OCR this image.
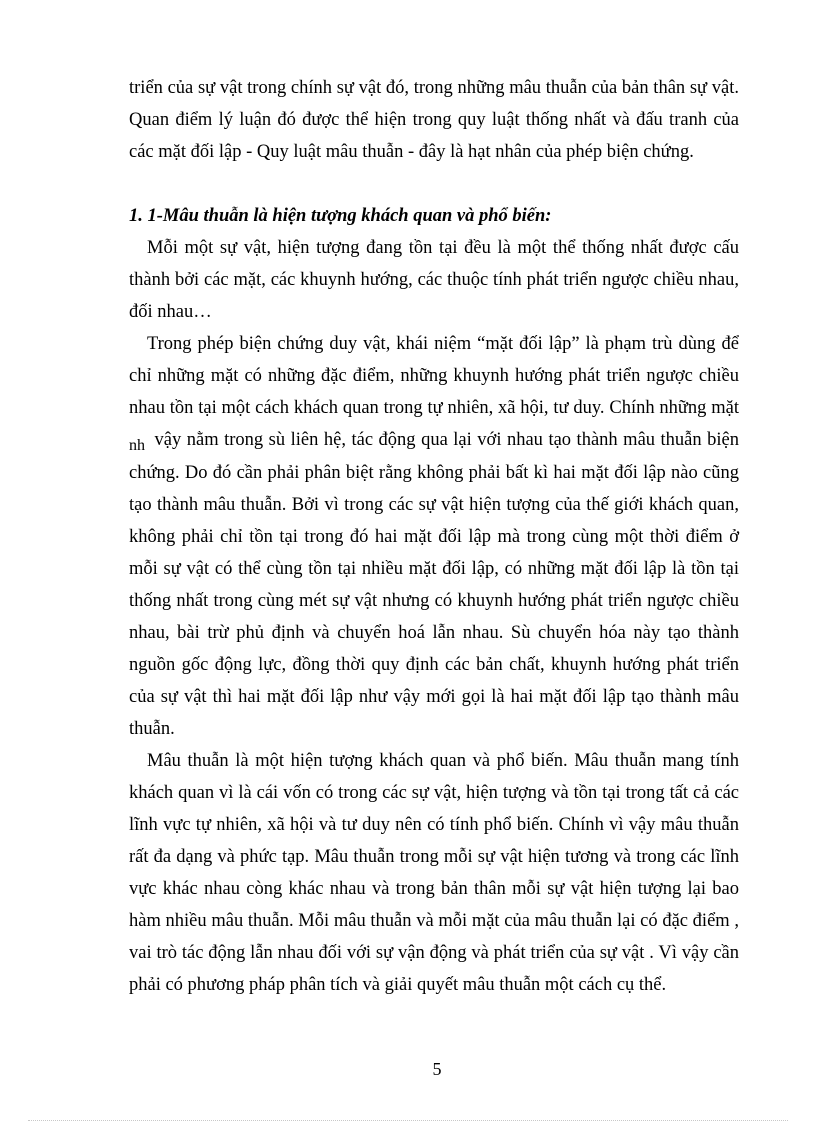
triển của sự vật trong chính sự vật đó, trong những mâu thuẫn của bản thân sự vật. Quan điểm lý luận đó được thể hiện trong quy luật thống nhất và đấu tranh của các mặt đối lập - Quy luật mâu thuẫn - đây là hạt nhân của phép biện chứng.

1. 1-Mâu thuẫn là hiện tượng khách quan và phổ biến:

Mỗi một sự vật, hiện tượng đang tồn tại đều là một thể thống nhất được cấu thành bởi các mặt, các khuynh hướng, các thuộc tính phát triển ngược chiều nhau, đối nhau…

Trong phép biện chứng duy vật, khái niệm “mặt đối lập” là phạm trù dùng để chỉ những mặt có những đặc điểm, những khuynh hướng phát triển ngược chiều nhau tồn tại một cách khách quan trong tự nhiên, xã hội, tư duy. Chính những mặt nh vậy nằm trong sù liên hệ, tác động qua lại với nhau tạo thành mâu thuẫn biện chứng. Do đó cần phải phân biệt rằng không phải bất kì hai mặt đối lập nào cũng tạo thành mâu thuẫn. Bởi vì trong các sự vật hiện tượng của thế giới khách quan, không phải chỉ tồn tại trong đó hai mặt đối lập mà trong cùng một thời điểm ở mỗi sự vật có thể cùng tồn tại nhiều mặt đối lập, có những mặt đối lập là tồn tại thống nhất trong cùng mét sự vật nhưng có khuynh hướng phát triển ngược chiều nhau, bài trừ phủ định và chuyển hoá lẫn nhau. Sù chuyển hóa này tạo thành nguồn gốc động lực, đồng thời quy định các bản chất, khuynh hướng phát triển của sự vật thì hai mặt đối lập như vậy mới gọi là hai mặt đối lập tạo thành mâu thuẫn.

Mâu thuẫn là một hiện tượng khách quan và phổ biến. Mâu thuẫn mang tính khách quan vì là cái vốn có trong các sự vật, hiện tượng và tồn tại trong tất cả các lĩnh vực tự nhiên, xã hội và tư duy nên có tính phổ biến. Chính vì vậy mâu thuẫn rất đa dạng và phức tạp. Mâu thuẫn trong mỗi sự vật hiện tương và trong các lĩnh vực khác nhau còng khác nhau và trong bản thân mỗi sự vật hiện tượng lại bao hàm nhiều mâu thuẫn. Mỗi mâu thuẫn và mỗi mặt của mâu thuẫn lại có đặc điểm , vai trò tác động lẫn nhau đối với sự vận động và phát triển của sự vật . Vì vậy cần phải có phương pháp phân tích và giải quyết mâu thuẫn một cách cụ thể.

5
